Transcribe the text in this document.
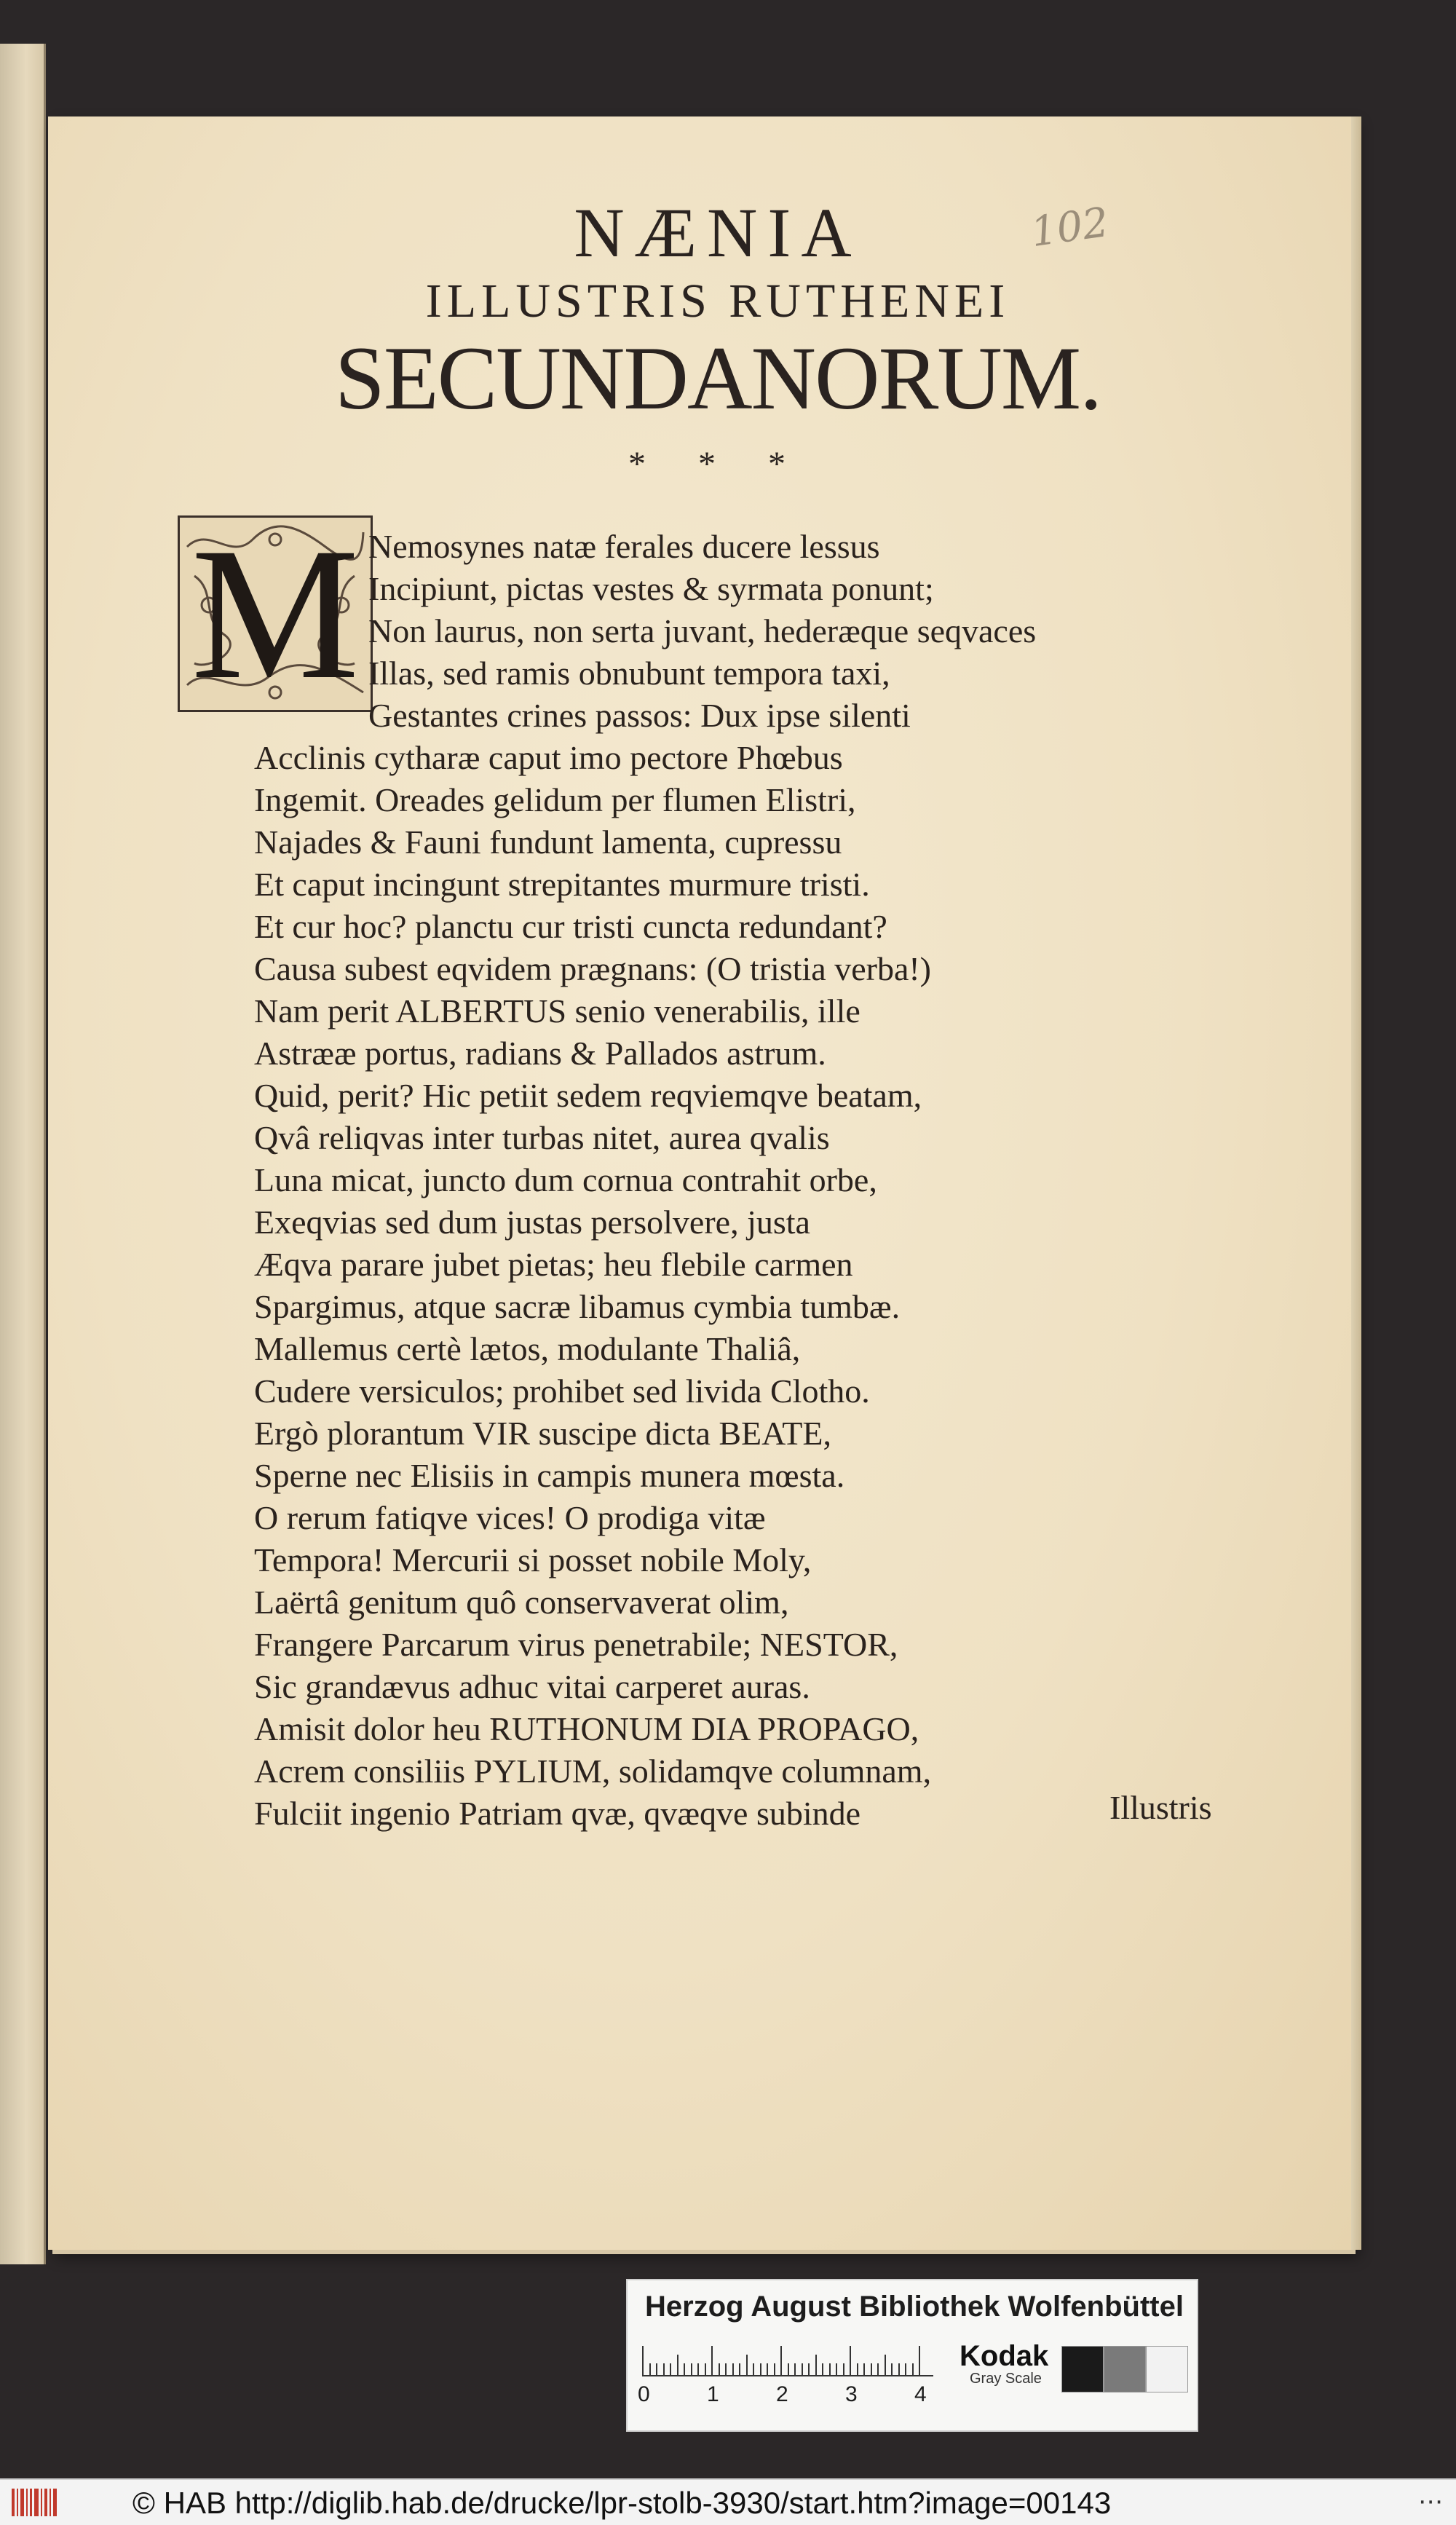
102
NÆNIA
ILLUSTRIS RUTHENEI
SECUNDANORUM.
* * *
M Nemosynes natæ ferales ducere lessus
Incipiunt, pictas vestes & syrmata ponunt;
Non laurus, non serta juvant, hederæque seqvaces
Illas, sed ramis obnubunt tempora taxi,
Gestantes crines passos: Dux ipse silenti
Acclinis cytharæ caput imo pectore Phœbus
Ingemit. Oreades gelidum per flumen Elistri,
Najades & Fauni fundunt lamenta, cupressu
Et caput incingunt strepitantes murmure tristi.
Et cur hoc? planctu cur tristi cuncta redundant?
Causa subest eqvidem prægnans: (O tristia verba!)
Nam perit ALBERTUS senio venerabilis, ille
Astrææ portus, radians & Pallados astrum.
Quid, perit? Hic petiit sedem reqviemqve beatam,
Qvâ reliqvas inter turbas nitet, aurea qvalis
Luna micat, juncto dum cornua contrahit orbe,
Exeqvias sed dum justas persolvere, justa
Æqva parare jubet pietas; heu flebile carmen
Spargimus, atque sacræ libamus cymbia tumbæ.
Mallemus certè lætos, modulante Thaliâ,
Cudere versiculos; prohibet sed livida Clotho.
Ergò plorantum VIR suscipe dicta BEATE,
Sperne nec Elisiis in campis munera mœsta.
O rerum fatiqve vices! O prodiga vitæ
Tempora! Mercurii si posset nobile Moly,
Laërtâ genitum quô conservaverat olim,
Frangere Parcarum virus penetrabile; NESTOR,
Sic grandævus adhuc vitai carperet auras.
Amisit dolor heu RUTHONUM DIA PROPAGO,
Acrem consiliis PYLIUM, solidamqve columnam,
Fulciit ingenio Patriam qvæ, qvæqve subinde	Illustris
Herzog August Bibliothek Wolfenbüttel
0	1	2	3	4
Kodak
Gray Scale
© HAB http://diglib.hab.de/drucke/lpr-stolb-3930/start.htm?image=00143	⋯
